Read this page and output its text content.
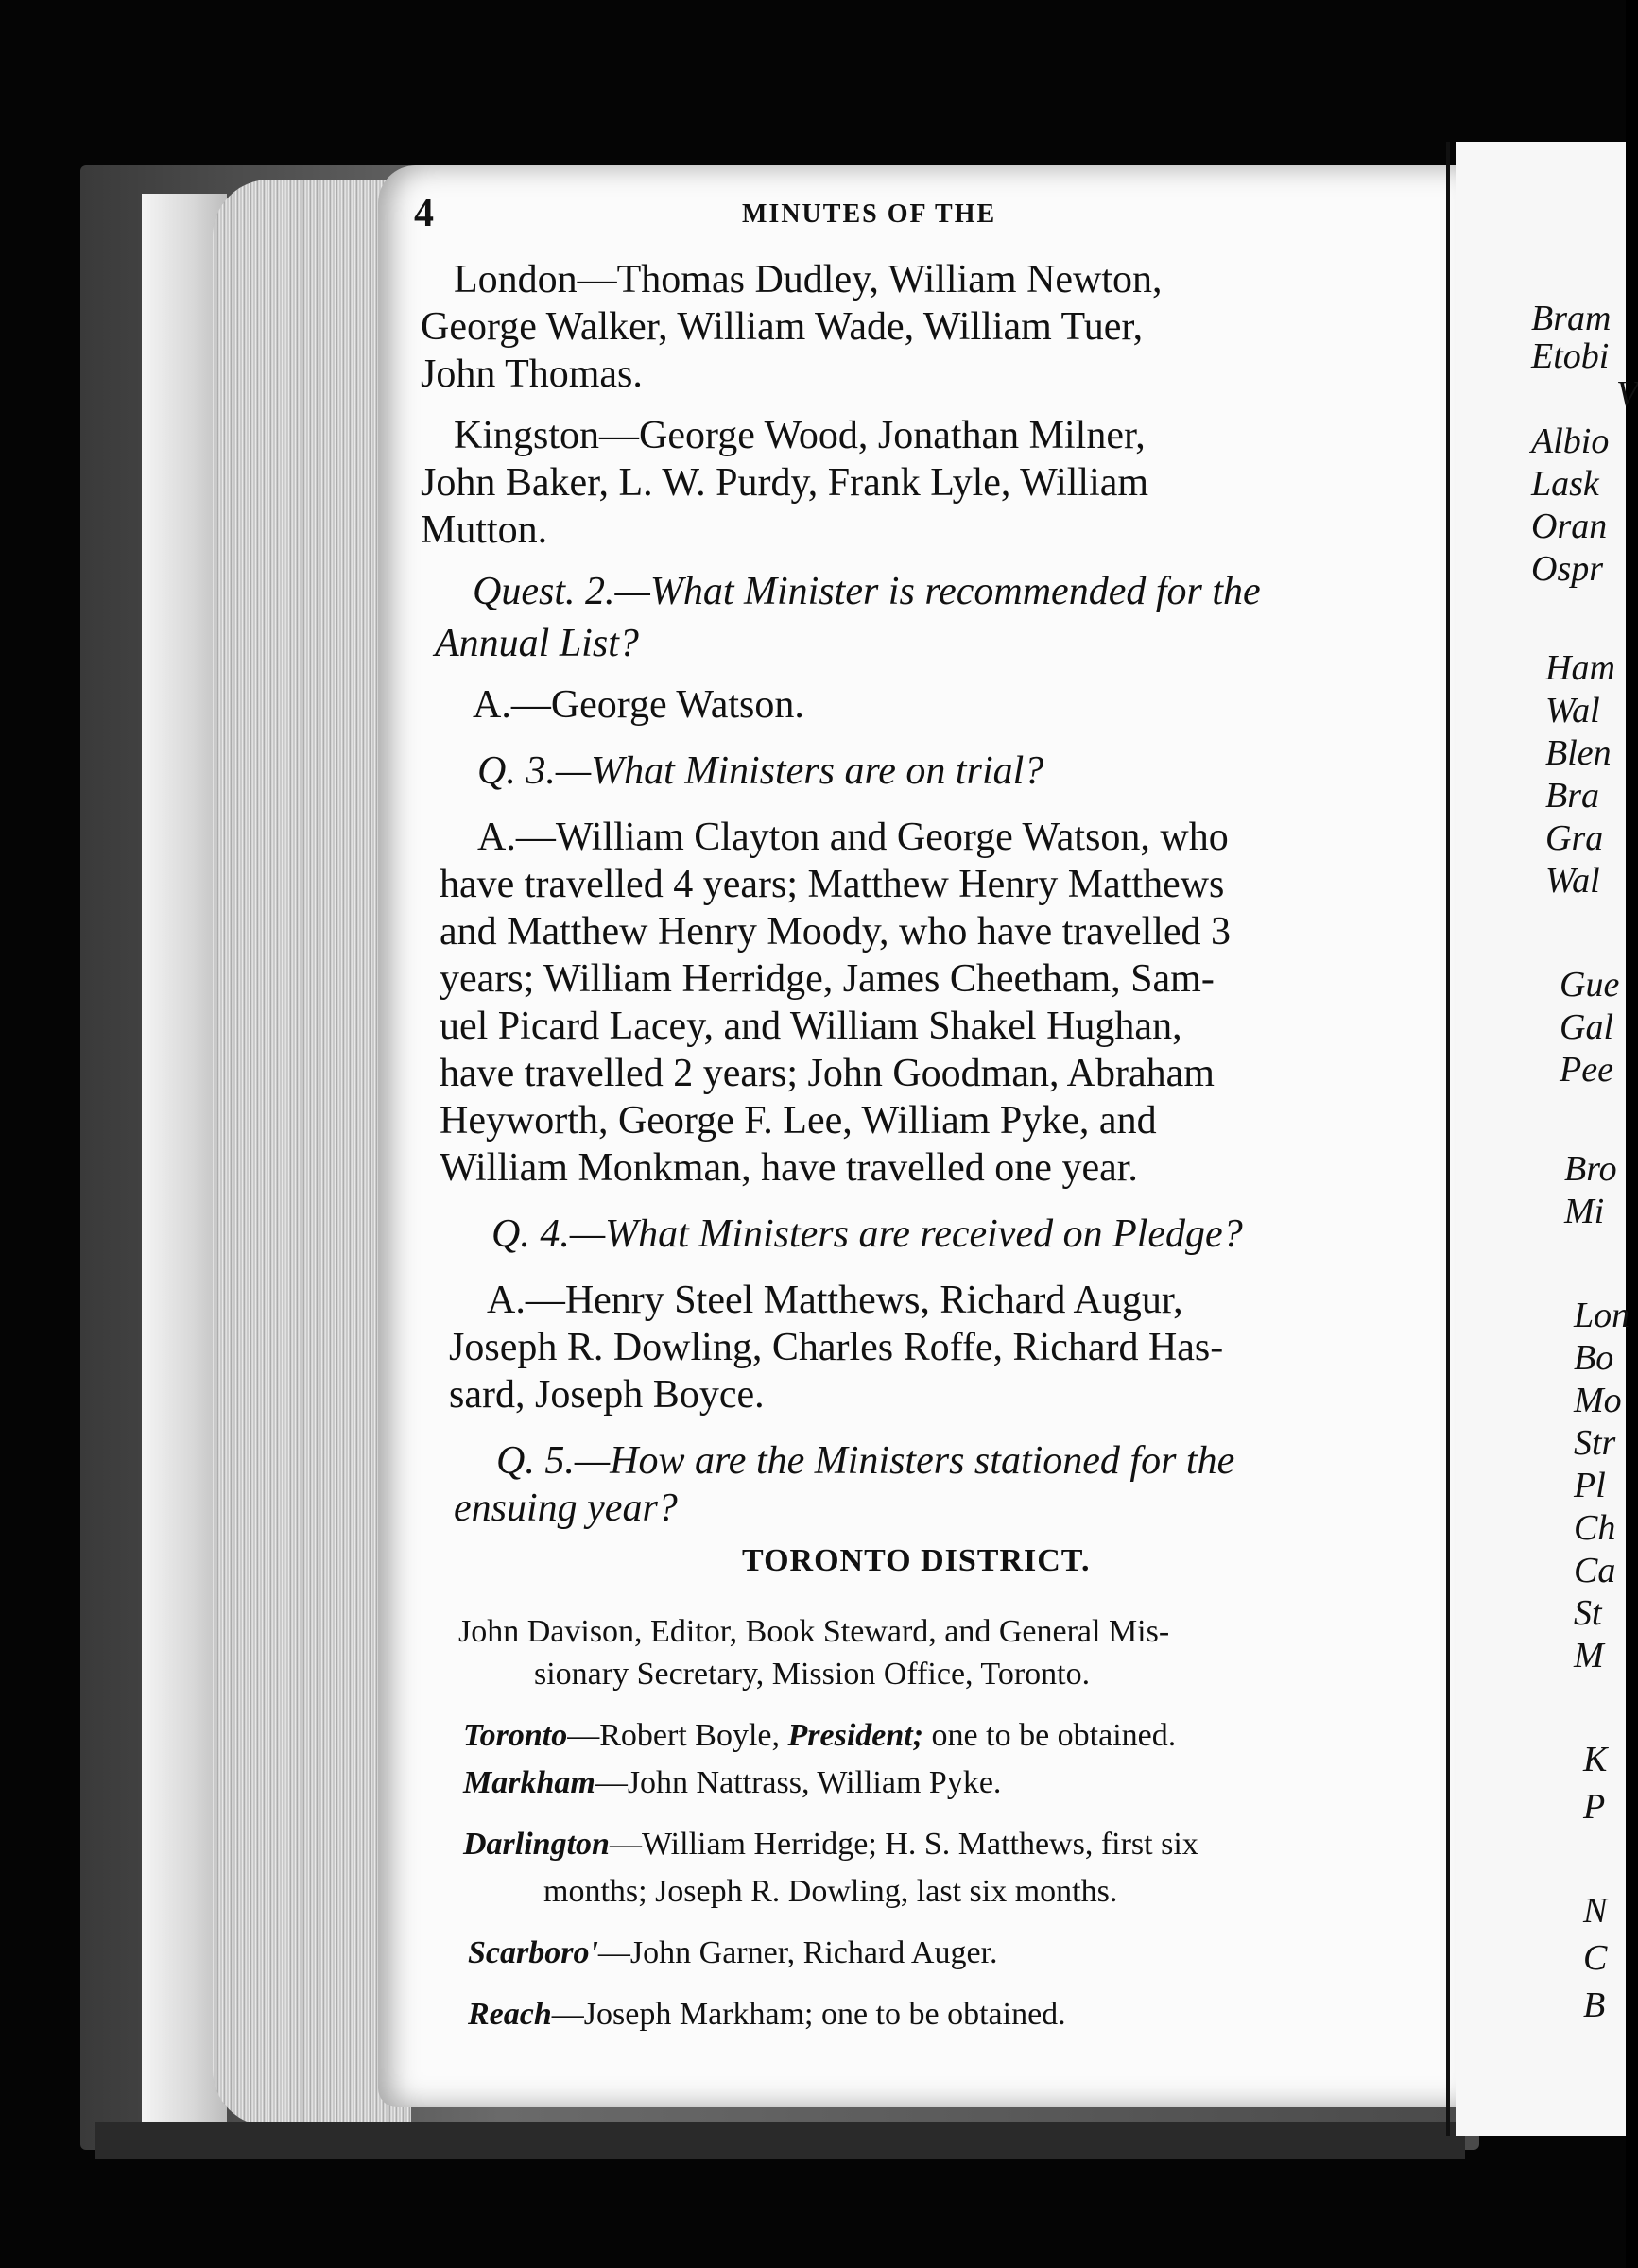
4	MINUTES OF THE
London—Thomas Dudley, William Newton,
George Walker, William Wade, William Tuer,
John Thomas.
Kingston—George Wood, Jonathan Milner,
John Baker, L. W. Purdy, Frank Lyle, William
Mutton.
Quest. 2.—What Minister is recommended for the
Annual List?
A.—George Watson.
Q. 3.—What Ministers are on trial?
A.—William Clayton and George Watson, who
have travelled 4 years; Matthew Henry Matthews
and Matthew Henry Moody, who have travelled 3
years; William Herridge, James Cheetham, Sam-
uel Picard Lacey, and William Shakel Hughan,
have travelled 2 years; John Goodman, Abraham
Heyworth, George F. Lee, William Pyke, and
William Monkman, have travelled one year.
Q. 4.—What Ministers are received on Pledge?
A.—Henry Steel Matthews, Richard Augur,
Joseph R. Dowling, Charles Roffe, Richard Has-
sard, Joseph Boyce.
Q. 5.—How are the Ministers stationed for the
ensuing year?
TORONTO DISTRICT.
John Davison, Editor, Book Steward, and General Mis-
sionary Secretary, Mission Office, Toronto.
Toronto—Robert Boyle, President; one to be obtained.
Markham—John Nattrass, William Pyke.
Darlington—William Herridge; H. S. Matthews, first six
months; Joseph R. Dowling, last six months.
Scarboro'—John Garner, Richard Auger.
Reach—Joseph Markham; one to be obtained.
Bram
Etobi
V
Albio
Lask
Oran
Ospr
Ham
Wal
Blen
Bra
Gra
Wal
Gue
Gal
Pee
Bro
Mi
Lon
Bo
Mo
Str
Pl
Ch
Ca
St
M
K
P
N
C
B
